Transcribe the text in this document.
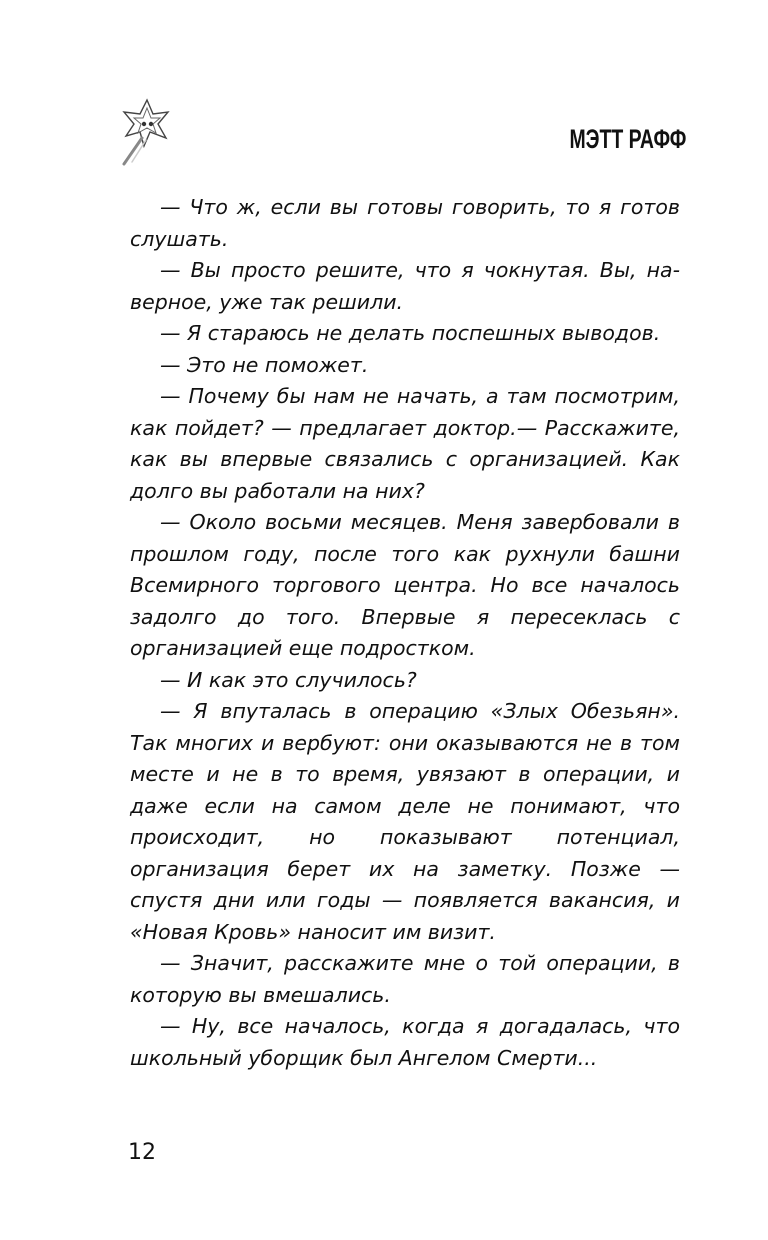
МЭТТ РАФФ

— Что ж, если вы готовы говорить, то я готов слушать.

— Вы просто решите, что я чокнутая. Вы, наверное, уже так решили.

— Я стараюсь не делать поспешных выводов.

— Это не поможет.

— Почему бы нам не начать, а там посмотрим, как пойдет? — предлагает доктор.— Расскажите, как вы впервые связались с организацией. Как долго вы работали на них?

— Около восьми месяцев. Меня завербовали в прошлом году, после того как рухнули башни Всемирного торгового центра. Но все началось задолго до того. Впервые я пересеклась с организацией еще подростком.

— И как это случилось?

— Я впуталась в операцию «Злых Обезьян». Так многих и вербуют: они оказываются не в том месте и не в то время, увязают в операции, и даже если на самом деле не понимают, что происходит, но показывают потенциал, организация берет их на заметку. Позже — спустя дни или годы — появляется вакансия, и «Новая Кровь» наносит им визит.

— Значит, расскажите мне о той операции, в которую вы вмешались.

— Ну, все началось, когда я догадалась, что школьный уборщик был Ангелом Смерти...

12
